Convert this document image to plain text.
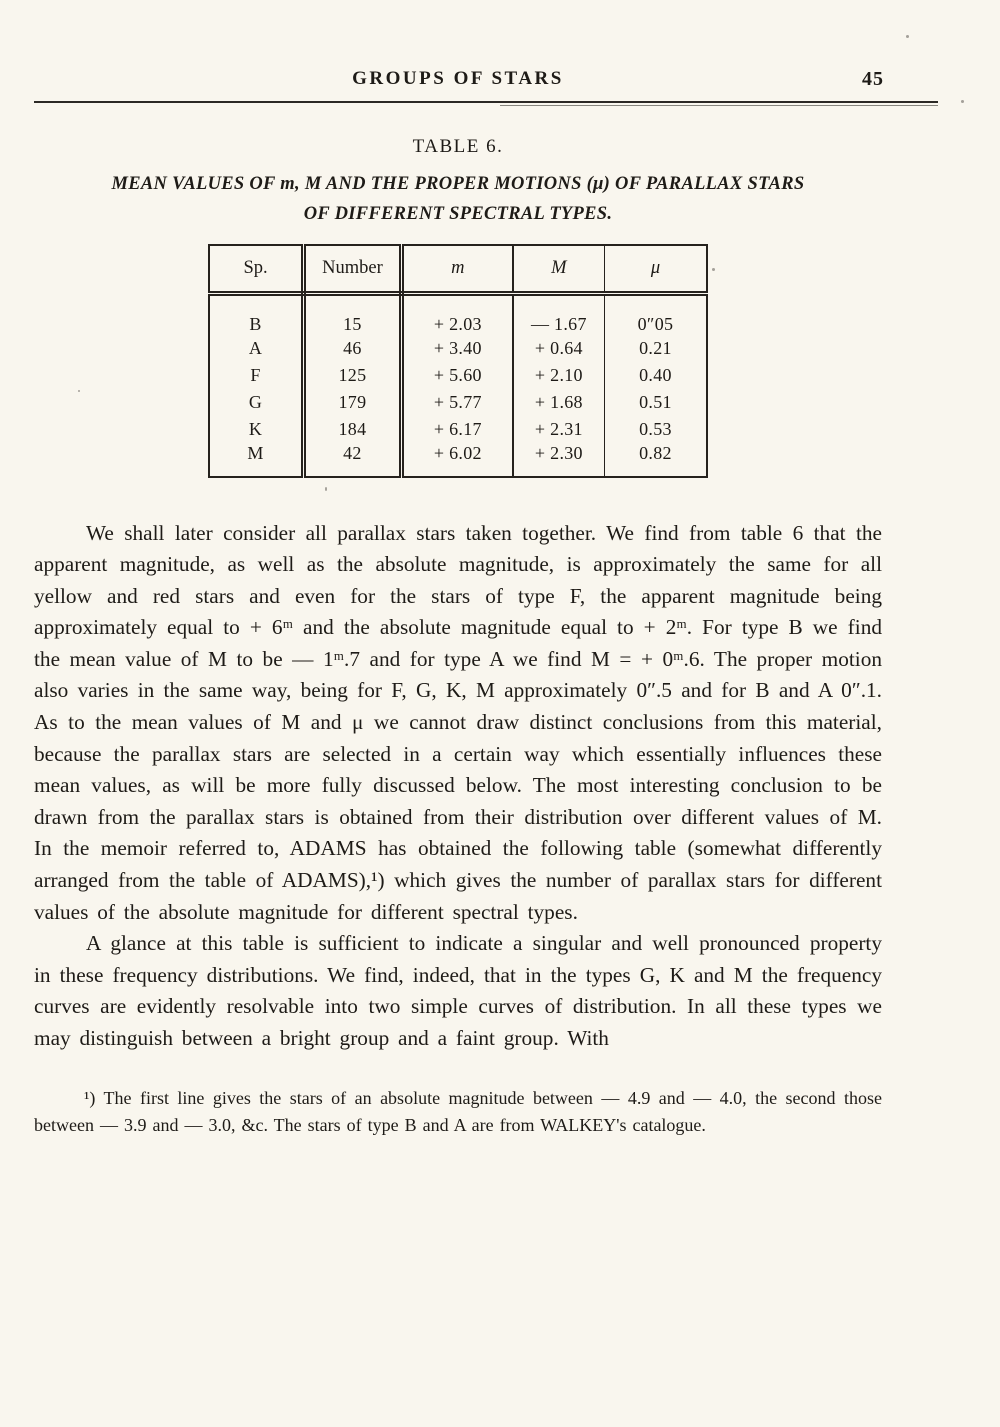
GROUPS OF STARS	45
TABLE 6.
MEAN VALUES OF m, M AND THE PROPER MOTIONS (μ) OF PARALLAX STARS
OF DIFFERENT SPECTRAL TYPES.
Sp.	Number	m	M	μ
B	15	+ 2.03	— 1.67	0″05
A	46	+ 3.40	+ 0.64	0.21
F	125	+ 5.60	+ 2.10	0.40
G	179	+ 5.77	+ 1.68	0.51
K	184	+ 6.17	+ 2.31	0.53
M	42	+ 6.02	+ 2.30	0.82

We shall later consider all parallax stars taken together. We find from table 6 that the apparent magnitude, as well as the absolute magnitude, is approximately the same for all yellow and red stars and even for the stars of type F, the apparent magnitude being approximately equal to + 6ᵐ and the absolute magnitude equal to + 2ᵐ. For type B we find the mean value of M to be — 1ᵐ.7 and for type A we find M = + 0ᵐ.6. The proper motion also varies in the same way, being for F, G, K, M approximately 0″.5 and for B and A 0″.1. As to the mean values of M and μ we cannot draw distinct conclusions from this material, because the parallax stars are selected in a certain way which essentially influences these mean values, as will be more fully discussed below. The most interesting conclusion to be drawn from the parallax stars is obtained from their distribution over different values of M. In the memoir referred to, ADAMS has obtained the following table (somewhat differently arranged from the table of ADAMS),¹) which gives the number of parallax stars for different values of the absolute magnitude for different spectral types.

A glance at this table is sufficient to indicate a singular and well pronounced property in these frequency distributions. We find, indeed, that in the types G, K and M the frequency curves are evidently resolvable into two simple curves of distribution. In all these types we may distinguish between a bright group and a faint group. With

¹) The first line gives the stars of an absolute magnitude between — 4.9 and — 4.0, the second those between — 3.9 and — 3.0, &c. The stars of type B and A are from WALKEY's catalogue.
